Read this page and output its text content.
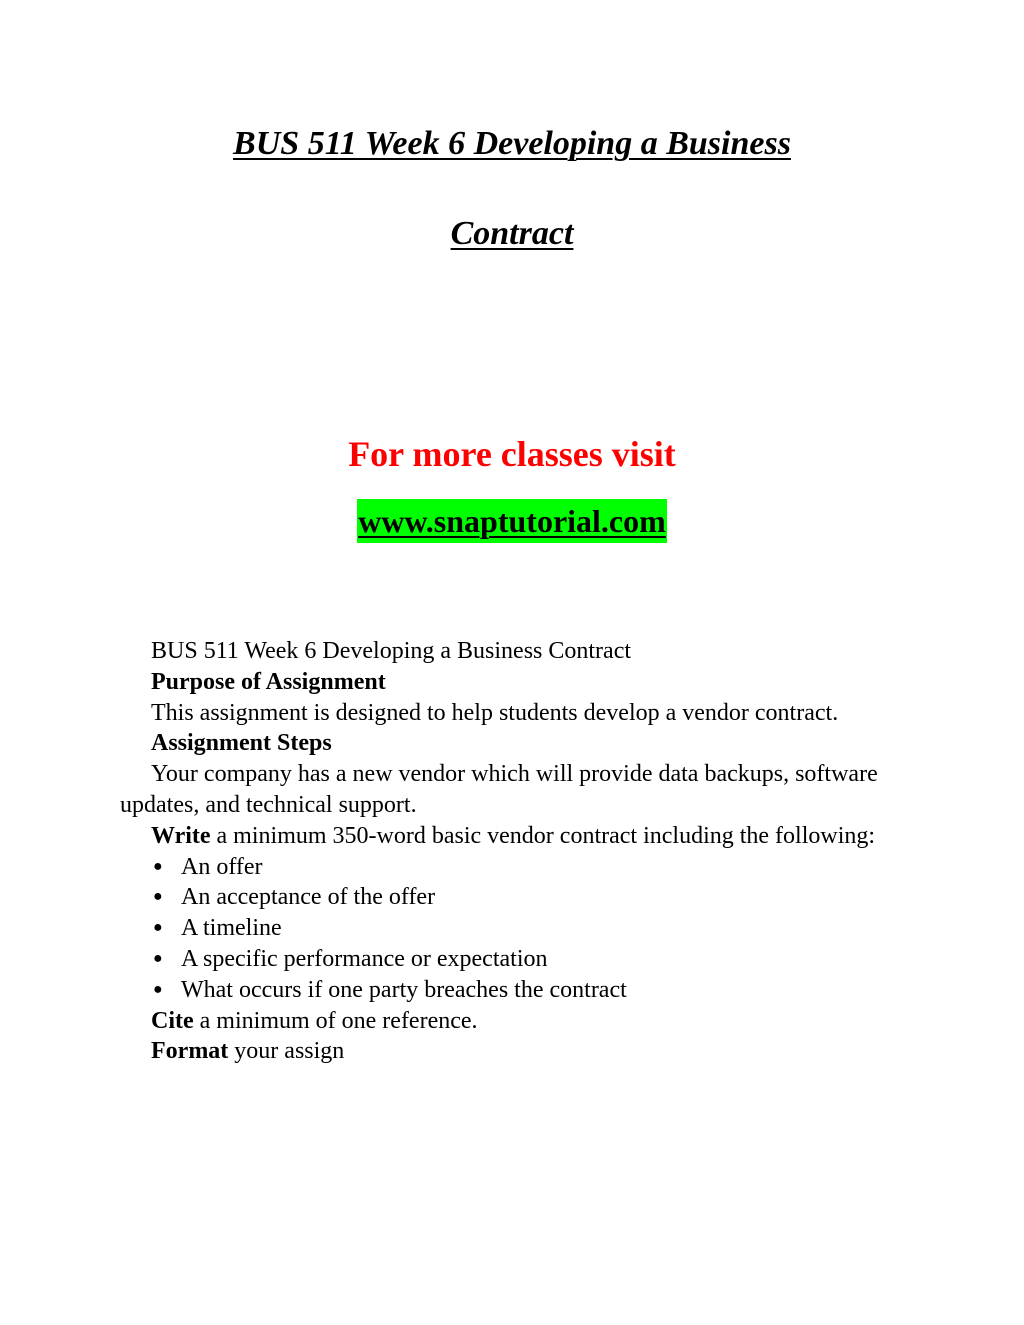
BUS 511 Week 6 Developing a Business
Contract
For more classes visit
www.snaptutorial.com

BUS 511 Week 6 Developing a Business Contract

Purpose of Assignment

This assignment is designed to help students develop a vendor contract.

Assignment Steps

Your company has a new vendor which will provide data backups, software updates, and technical support.

Write a minimum 350-word basic vendor contract including the following:

● An offer
● An acceptance of the offer
● A timeline
● A specific performance or expectation
● What occurs if one party breaches the contract

Cite a minimum of one reference.

Format your assign
